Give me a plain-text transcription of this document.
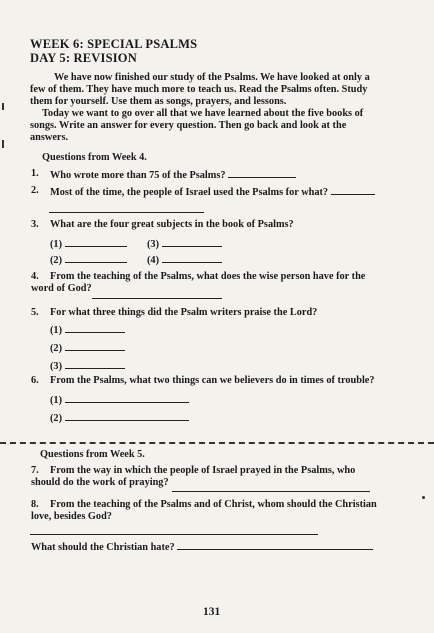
WEEK 6: SPECIAL PSALMS
DAY 5: REVISION
We have now finished our study of the Psalms. We have looked at only a
few of them. They have much more to teach us. Read the Psalms often. Study
them for yourself. Use them as songs, prayers, and lessons.
Today we want to go over all that we have learned about the five books of
songs. Write an answer for every question. Then go back and look at the
answers.
Questions from Week 4.
1. Who wrote more than 75 of the Psalms?
2. Most of the time, the people of Israel used the Psalms for what?
3. What are the four great subjects in the book of Psalms?
(1)	(3)
(2)	(4)
4. From the teaching of the Psalms, what does the wise person have for the
word of God?
5. For what three things did the Psalm writers praise the Lord?
(1)
(2)
(3)
6. From the Psalms, what two things can we believers do in times of trouble?
(1)
(2)
Questions from Week 5.
7. From the way in which the people of Israel prayed in the Psalms, who
should do the work of praying?
8. From the teaching of the Psalms and of Christ, whom should the Christian
love, besides God?
What should the Christian hate?
131
